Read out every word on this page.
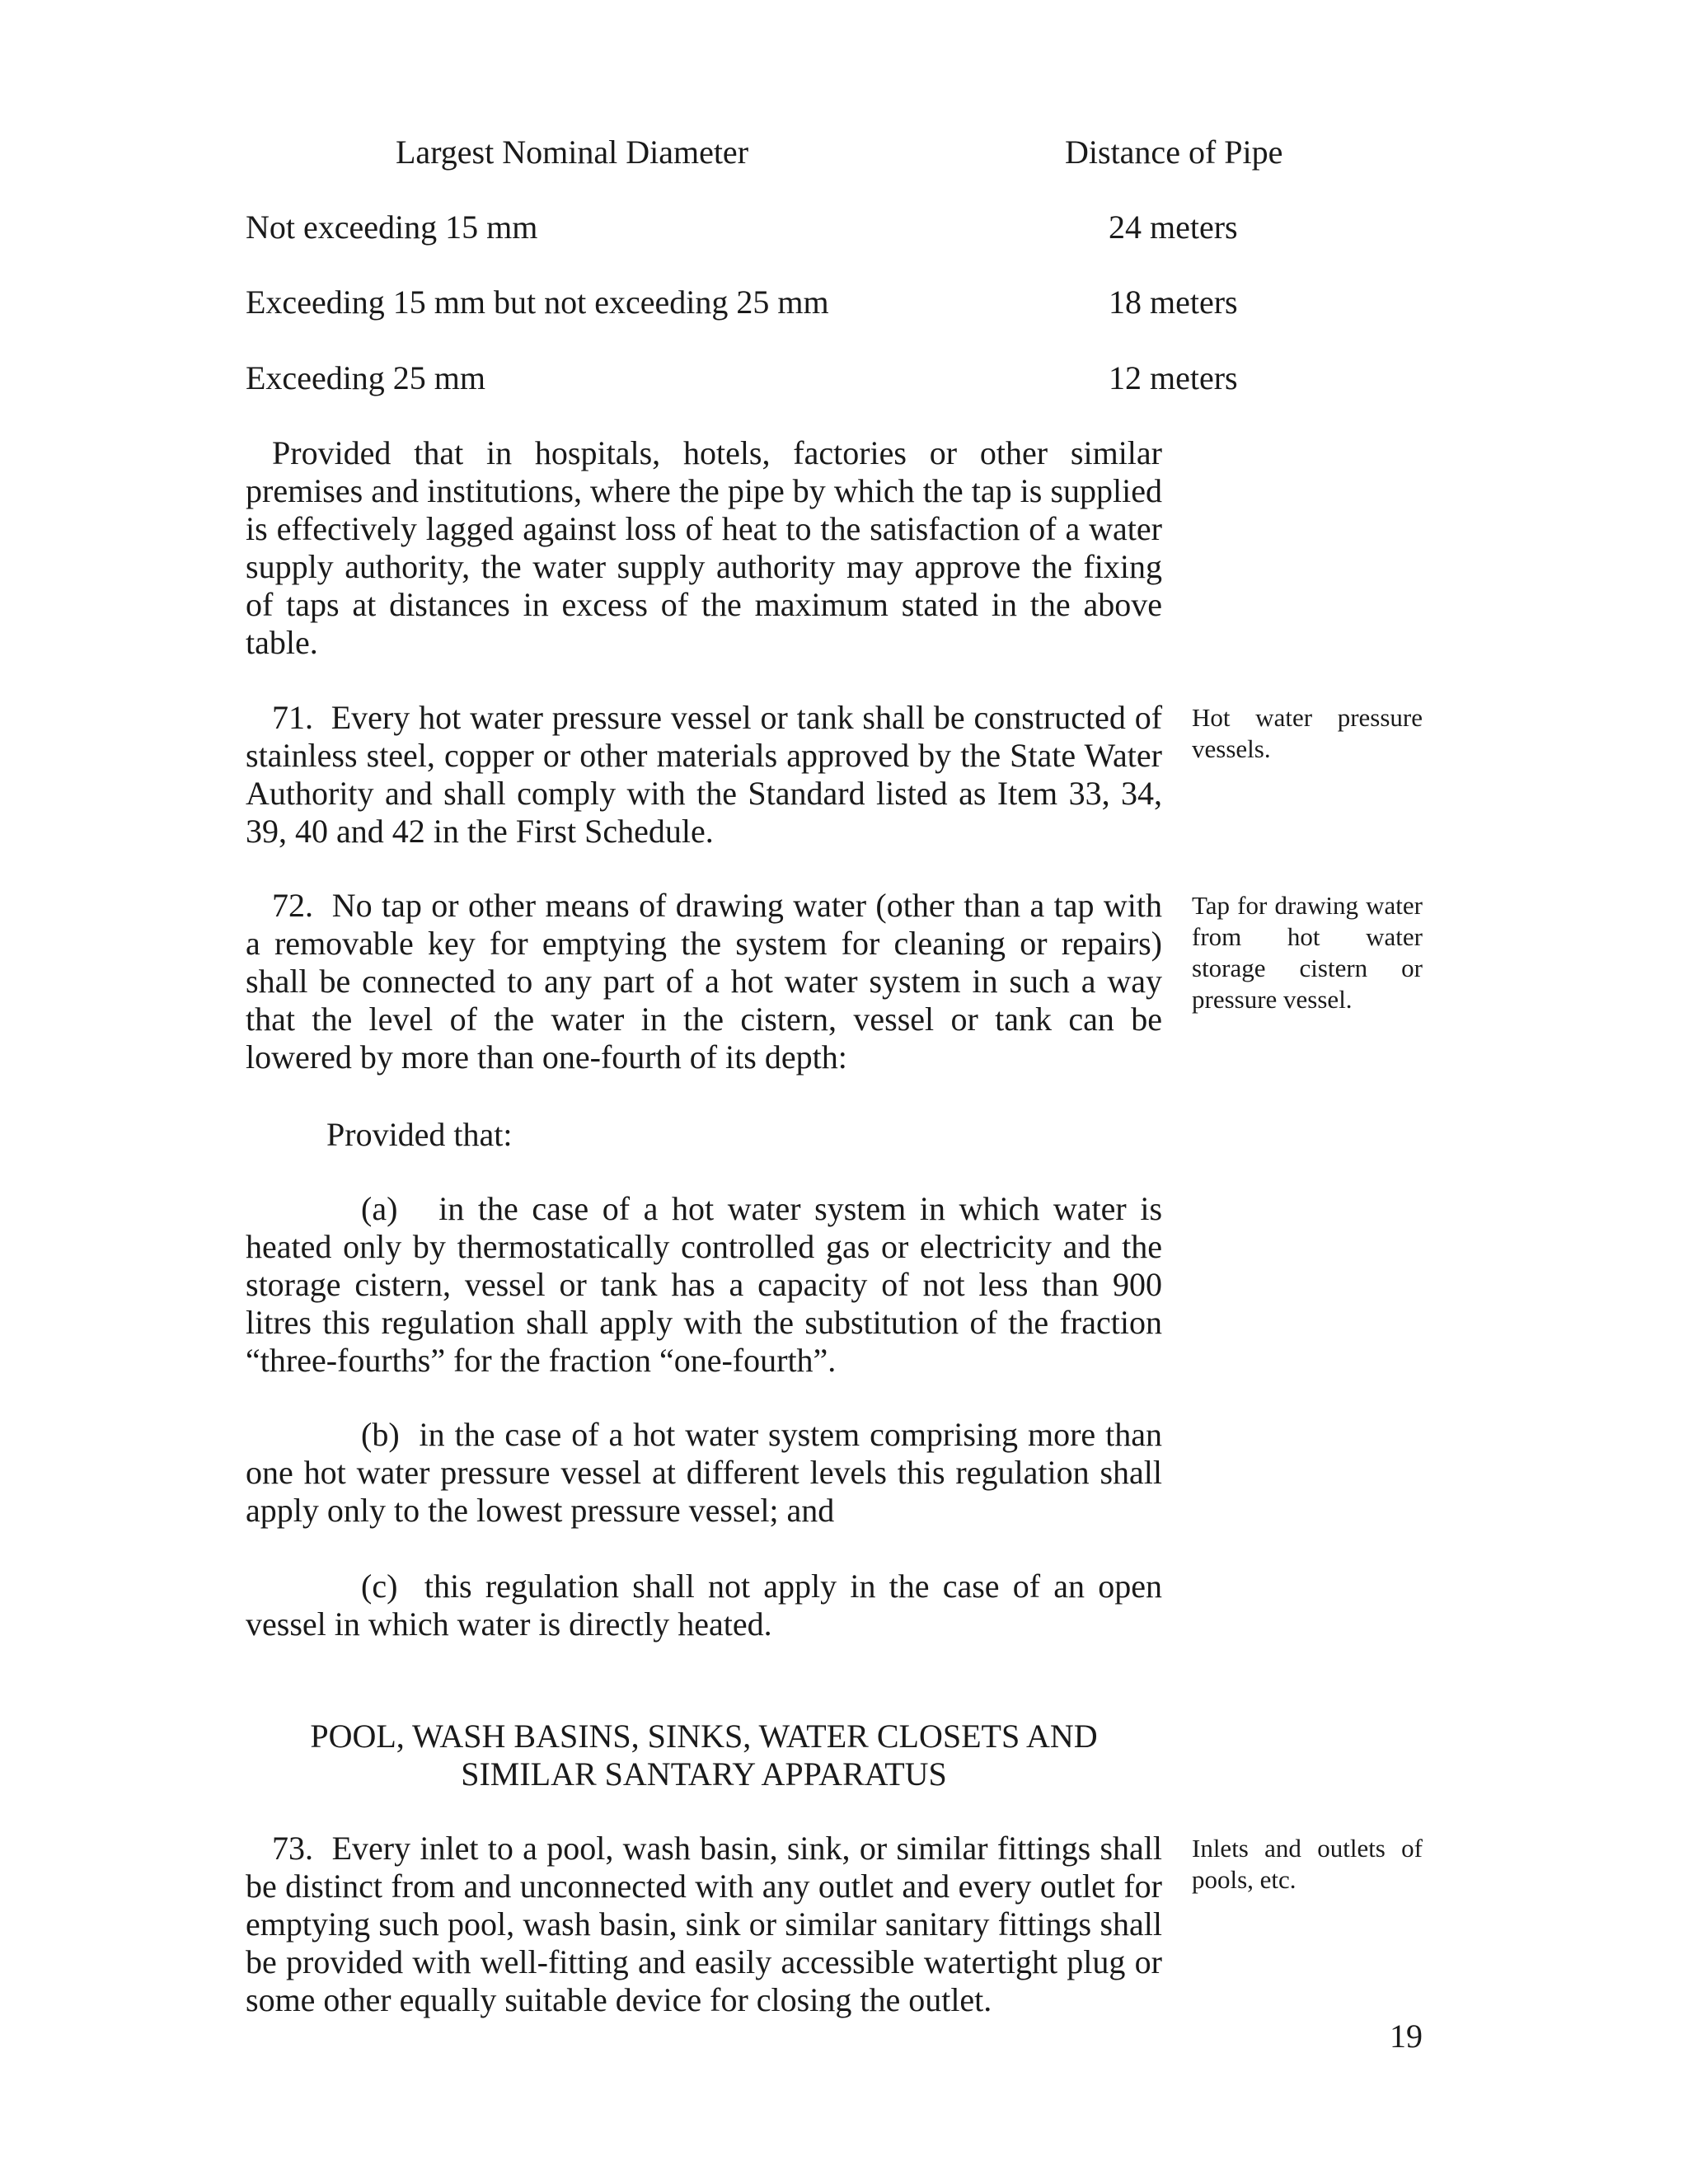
Largest Nominal Diameter	Distance of Pipe
Not exceeding 15 mm	24 meters
Exceeding 15 mm but not exceeding 25 mm	18 meters
Exceeding 25 mm	12 meters
Provided that in hospitals, hotels, factories or other similar premises and institutions, where the pipe by which the tap is supplied is effectively lagged against loss of heat to the satisfaction of a water supply authority, the water supply authority may approve the fixing of taps at distances in excess of the maximum stated in the above table.
71. Every hot water pressure vessel or tank shall be constructed of stainless steel, copper or other materials approved by the State Water Authority and shall comply with the Standard listed as Item 33, 34, 39, 40 and 42 in the First Schedule.
Hot water pressure vessels.
72. No tap or other means of drawing water (other than a tap with a removable key for emptying the system for cleaning or repairs) shall be connected to any part of a hot water system in such a way that the level of the water in the cistern, vessel or tank can be lowered by more than one-fourth of its depth:
Tap for drawing water from hot water storage cistern or pressure vessel.
Provided that:
(a) in the case of a hot water system in which water is heated only by thermostatically controlled gas or electricity and the storage cistern, vessel or tank has a capacity of not less than 900 litres this regulation shall apply with the substitution of the fraction “three-fourths” for the fraction “one-fourth”.
(b) in the case of a hot water system comprising more than one hot water pressure vessel at different levels this regulation shall apply only to the lowest pressure vessel; and
(c) this regulation shall not apply in the case of an open vessel in which water is directly heated.
POOL, WASH BASINS, SINKS, WATER CLOSETS AND
SIMILAR SANTARY APPARATUS
73. Every inlet to a pool, wash basin, sink, or similar fittings shall be distinct from and unconnected with any outlet and every outlet for emptying such pool, wash basin, sink or similar sanitary fittings shall be provided with well-fitting and easily accessible watertight plug or some other equally suitable device for closing the outlet.
Inlets and outlets of pools, etc.
19
